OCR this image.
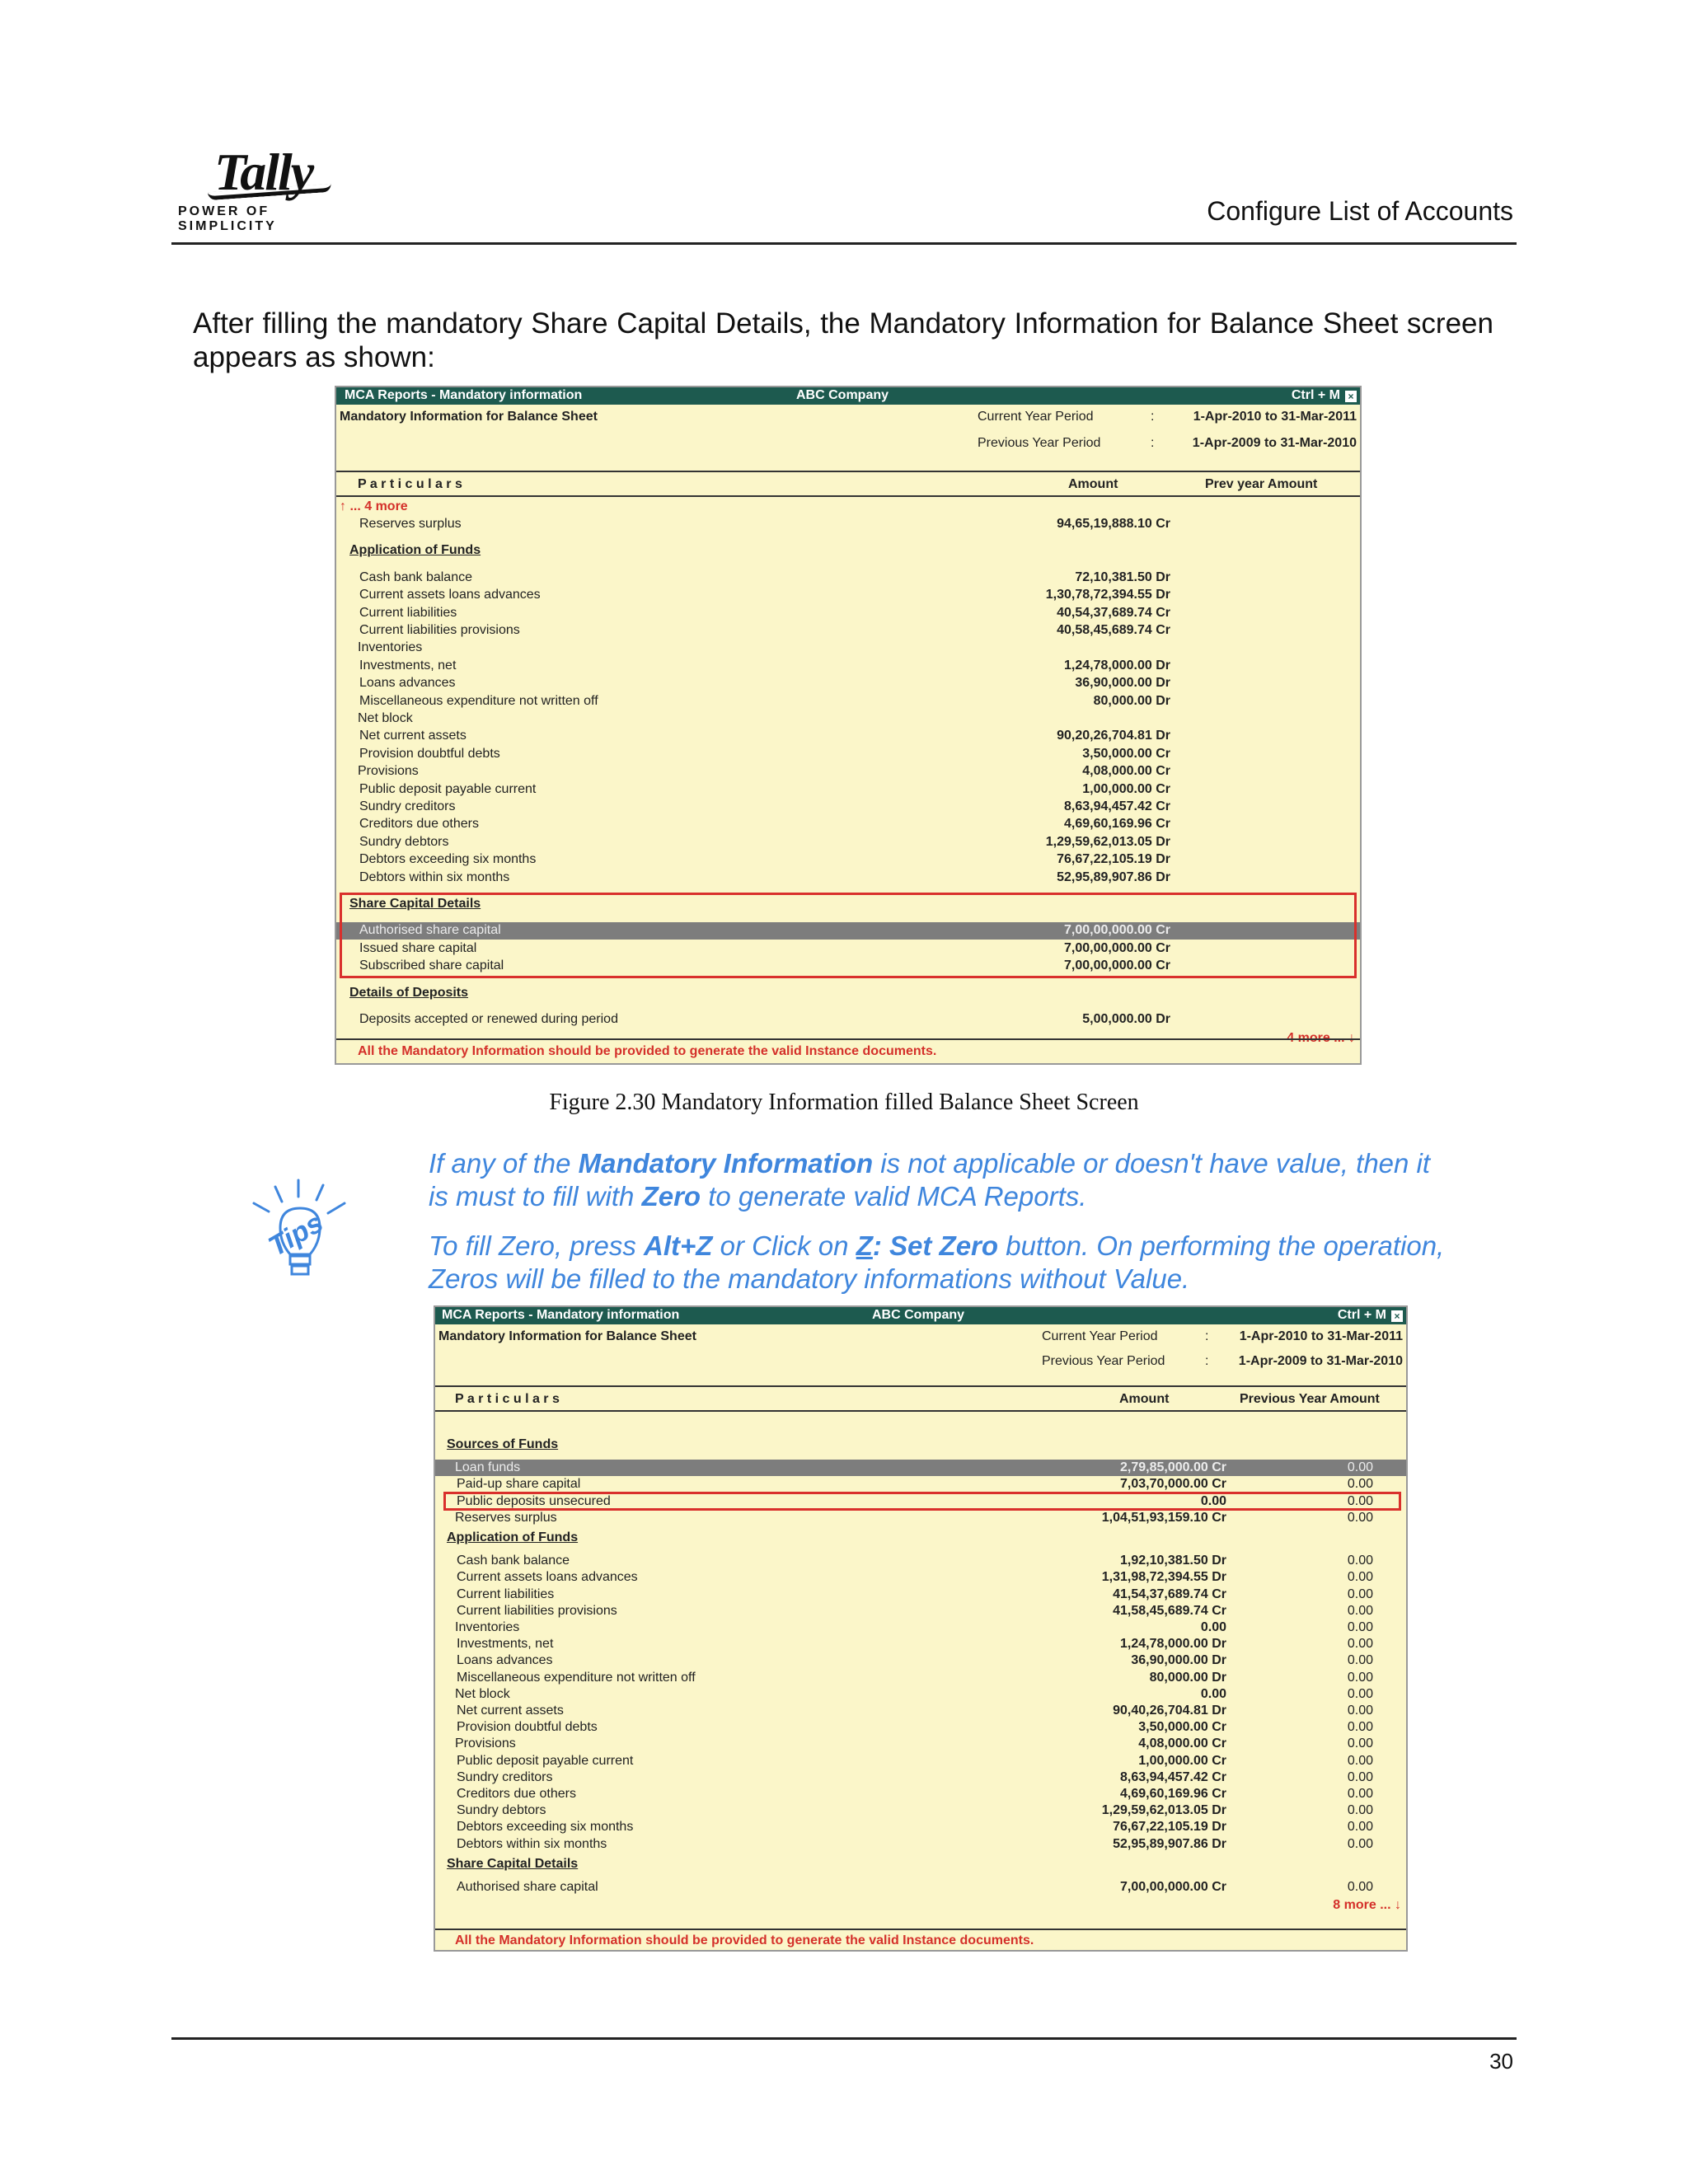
Tally
POWER OF SIMPLICITY
Configure List of Accounts
After filling the mandatory Share Capital Details, the Mandatory Information for Balance Sheet screen appears as shown:
MCA Reports - Mandatory information	ABC Company	Ctrl + M ×
Mandatory Information for Balance Sheet	Current Year Period	:	1-Apr-2010 to 31-Mar-2011
Previous Year Period	:	1-Apr-2009 to 31-Mar-2010
P a r t i c u l a r s	Amount	Prev year Amount
↑ ... 4 more
Reserves surplus	94,65,19,888.10 Cr
Application of Funds
Cash bank balance	72,10,381.50 Dr
Current assets loans advances	1,30,78,72,394.55 Dr
Current liabilities	40,54,37,689.74 Cr
Current liabilities provisions	40,58,45,689.74 Cr
Inventories
Investments, net	1,24,78,000.00 Dr
Loans advances	36,90,000.00 Dr
Miscellaneous expenditure not written off	80,000.00 Dr
Net block
Net current assets	90,20,26,704.81 Dr
Provision doubtful debts	3,50,000.00 Cr
Provisions	4,08,000.00 Cr
Public deposit payable current	1,00,000.00 Cr
Sundry creditors	8,63,94,457.42 Cr
Creditors due others	4,69,60,169.96 Cr
Sundry debtors	1,29,59,62,013.05 Dr
Debtors exceeding six months	76,67,22,105.19 Dr
Debtors within six months	52,95,89,907.86 Dr
Share Capital Details
Authorised share capital	7,00,00,000.00 Cr
Issued share capital	7,00,00,000.00 Cr
Subscribed share capital	7,00,00,000.00 Cr
Details of Deposits
Deposits accepted or renewed during period	5,00,000.00 Dr
4 more ... ↓
All the Mandatory Information should be provided to generate the valid Instance documents.
Figure 2.30 Mandatory Information filled Balance Sheet Screen
Tips

If any of the Mandatory Information is not applicable or doesn't have value, then it is must to fill with Zero to generate valid MCA Reports.

To fill Zero, press Alt+Z or Click on Z: Set Zero button. On performing the operation, Zeros will be filled to the mandatory informations without Value.

MCA Reports - Mandatory information	ABC Company	Ctrl + M ×
Mandatory Information for Balance Sheet	Current Year Period	: 1-Apr-2010 to 31-Mar-2011
Previous Year Period	: 1-Apr-2009 to 31-Mar-2010
P a r t i c u l a r s	Amount	Previous Year Amount
Sources of Funds
Loan funds	2,79,85,000.00 Cr	0.00
Paid-up share capital	7,03,70,000.00 Cr	0.00
Public deposits unsecured	0.00	0.00
Reserves surplus	1,04,51,93,159.10 Cr	0.00
Application of Funds
Cash bank balance	1,92,10,381.50 Dr	0.00
Current assets loans advances	1,31,98,72,394.55 Dr	0.00
Current liabilities	41,54,37,689.74 Cr	0.00
Current liabilities provisions	41,58,45,689.74 Cr	0.00
Inventories	0.00	0.00
Investments, net	1,24,78,000.00 Dr	0.00
Loans advances	36,90,000.00 Dr	0.00
Miscellaneous expenditure not written off	80,000.00 Dr	0.00
Net block	0.00	0.00
Net current assets	90,40,26,704.81 Dr	0.00
Provision doubtful debts	3,50,000.00 Cr	0.00
Provisions	4,08,000.00 Cr	0.00
Public deposit payable current	1,00,000.00 Cr	0.00
Sundry creditors	8,63,94,457.42 Cr	0.00
Creditors due others	4,69,60,169.96 Cr	0.00
Sundry debtors	1,29,59,62,013.05 Dr	0.00
Debtors exceeding six months	76,67,22,105.19 Dr	0.00
Debtors within six months	52,95,89,907.86 Dr	0.00
Share Capital Details
Authorised share capital	7,00,00,000.00 Cr	0.00
8 more ... ↓
All the Mandatory Information should be provided to generate the valid Instance documents.
30
